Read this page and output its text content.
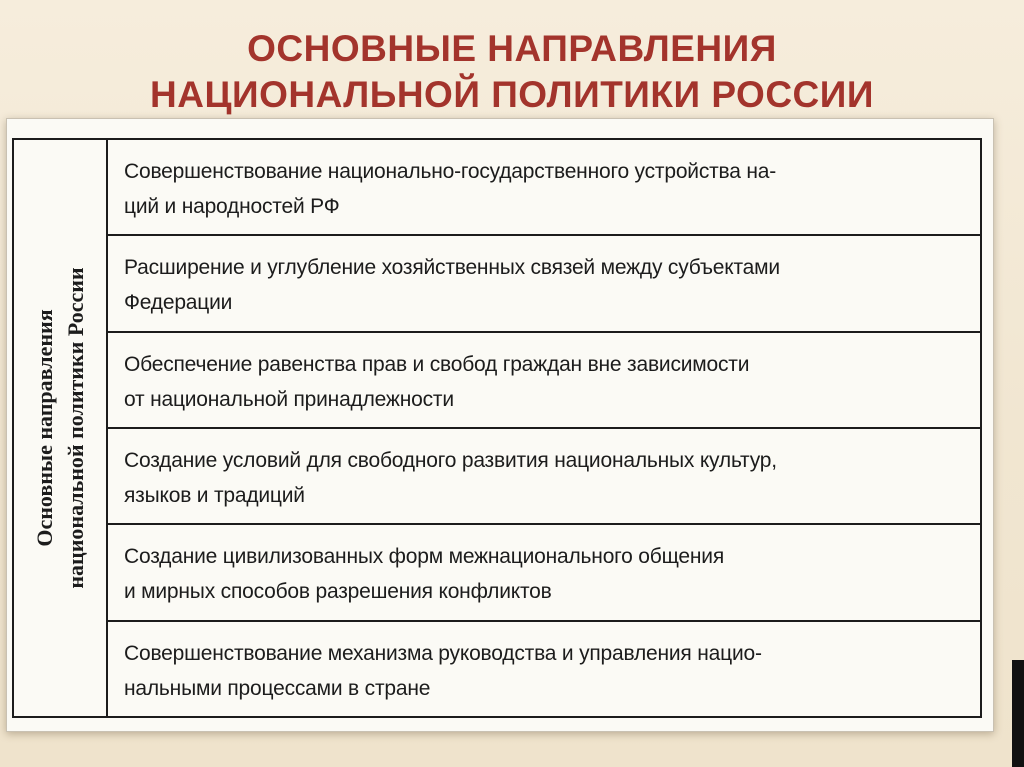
ОСНОВНЫЕ НАПРАВЛЕНИЯ
НАЦИОНАЛЬНОЙ ПОЛИТИКИ РОССИИ
Основные направления национальной политики России
Совершенствование национально-государственного устройства на-
ций и народностей РФ
Расширение и углубление хозяйственных связей между субъектами
Федерации
Обеспечение равенства прав и свобод граждан вне зависимости
от национальной принадлежности
Создание условий для свободного развития национальных культур,
языков и традиций
Создание цивилизованных форм межнационального общения
и мирных способов разрешения конфликтов
Совершенствование механизма руководства и управления нацио-
нальными процессами в стране
